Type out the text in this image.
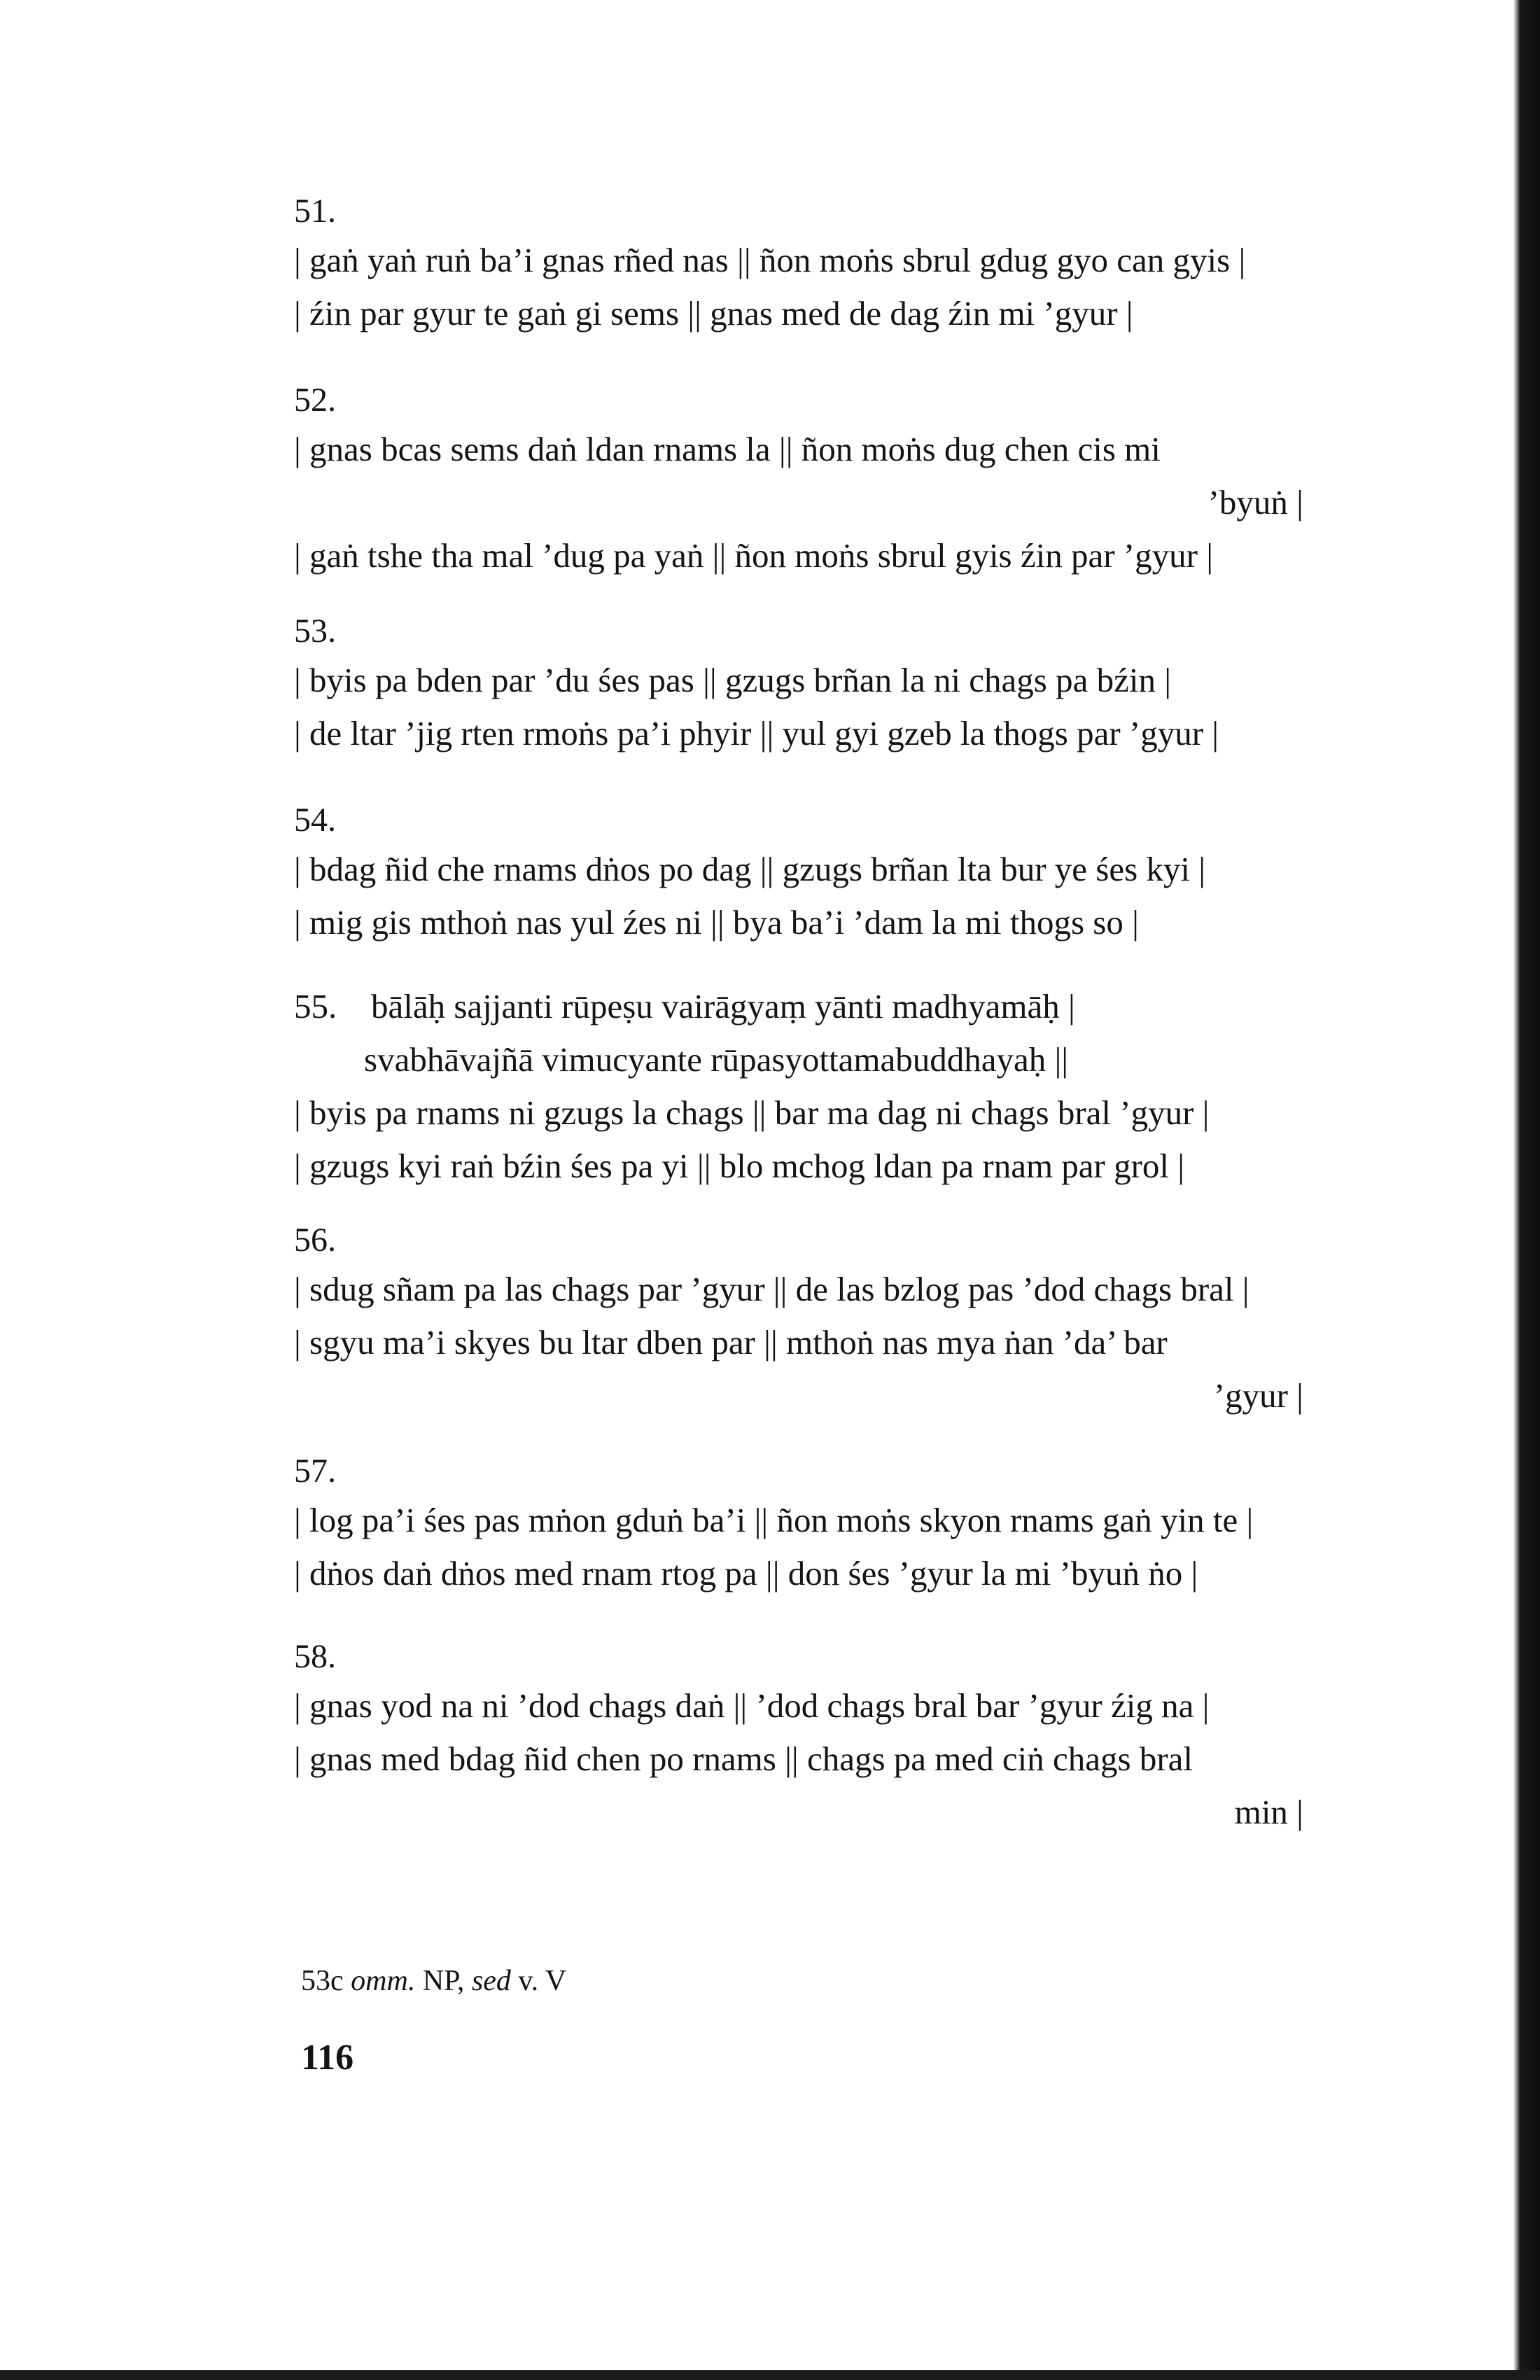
51.
| gaṅ yaṅ ruṅ ba’i gnas rñed nas || ñon moṅs sbrul gdug gyo can gyis |
| źin par gyur te gaṅ gi sems || gnas med de dag źin mi ’gyur |
52.
| gnas bcas sems daṅ ldan rnams la || ñon moṅs dug chen cis mi
’byuṅ |
| gaṅ tshe tha mal ’dug pa yaṅ || ñon moṅs sbrul gyis źin par ’gyur |
53.
| byis pa bden par ’du śes pas || gzugs brñan la ni chags pa bźin |
| de ltar ’jig rten rmoṅs pa’i phyir || yul gyi gzeb la thogs par ’gyur |
54.
| bdag ñid che rnams dṅos po dag || gzugs brñan lta bur ye śes kyi |
| mig gis mthoṅ nas yul źes ni || bya ba’i ’dam la mi thogs so |
55. bālāḥ sajjanti rūpeṣu vairāgyaṃ yānti madhyamāḥ |
svabhāvajñā vimucyante rūpasyottamabuddhayaḥ ||
| byis pa rnams ni gzugs la chags || bar ma dag ni chags bral ’gyur |
| gzugs kyi raṅ bźin śes pa yi || blo mchog ldan pa rnam par grol |
56.
| sdug sñam pa las chags par ’gyur || de las bzlog pas ’dod chags bral |
| sgyu ma’i skyes bu ltar dben par || mthoṅ nas mya ṅan ’da’ bar
’gyur |
57.
| log pa’i śes pas mṅon gduṅ ba’i || ñon moṅs skyon rnams gaṅ yin te |
| dṅos daṅ dṅos med rnam rtog pa || don śes ’gyur la mi ’byuṅ ṅo |
58.
| gnas yod na ni ’dod chags daṅ || ’dod chags bral bar ’gyur źig na |
| gnas med bdag ñid chen po rnams || chags pa med ciṅ chags bral
min |
53c omm. NP, sed v. V
116
